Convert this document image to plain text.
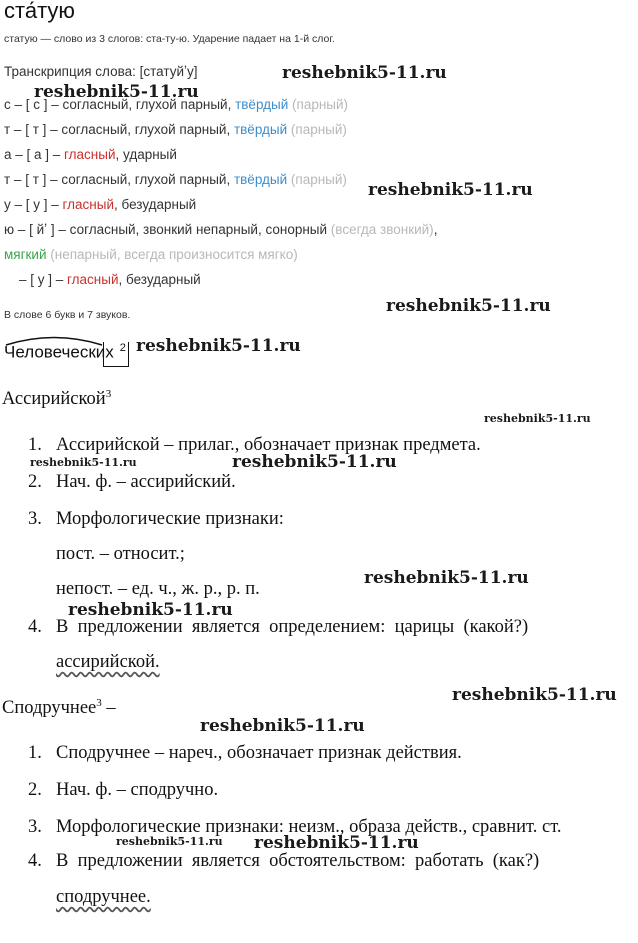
ста́тую
статую — слово из 3 слогов: ста-ту-ю. Ударение падает на 1-й слог.
Транскрипция слова: [статуйʼу]
с – [ с ] – согласный, глухой парный, твёрдый (парный)
т – [ т ] – согласный, глухой парный, твёрдый (парный)
а – [ а ] – гласный, ударный
т – [ т ] – согласный, глухой парный, твёрдый (парный)
у – [ у ] – гласный, безударный
ю – [ йʼ ] – согласный, звонкий непарный, сонорный (всегда звонкий),
мягкий (непарный, всегда произносится мягко)
– [ у ] – гласный, безударный
В слове 6 букв и 7 звуков.
Человеческих $^2$
Ассирийской$^3$
1. Ассирийской – прилаг., обозначает признак предмета.
2. Нач. ф. – ассирийский.
3. Морфологические признаки:
пост. – относит.;
непост. – ед. ч., ж. р., р. п.
4. В  предложении  является  определением:  царицы  (какой?)
ассирийской.
Сподручнее$^3$ –
1. Сподручнее – нареч., обозначает признак действия.
2. Нач. ф. – сподручно.
3. Морфологические признаки: неизм., образа действ., сравнит. ст.
4. В  предложении  является  обстоятельством:  работать  (как?)
сподручнее.
reshebnik5-11.ru
reshebnik5-11.ru
reshebnik5-11.ru
reshebnik5-11.ru
reshebnik5-11.ru
reshebnik5-11.ru
reshebnik5-11.ru	reshebnik5-11.ru
reshebnik5-11.ru
reshebnik5-11.ru
reshebnik5-11.ru
reshebnik5-11.ru
reshebnik5-11.ru reshebnik5-11.ru
